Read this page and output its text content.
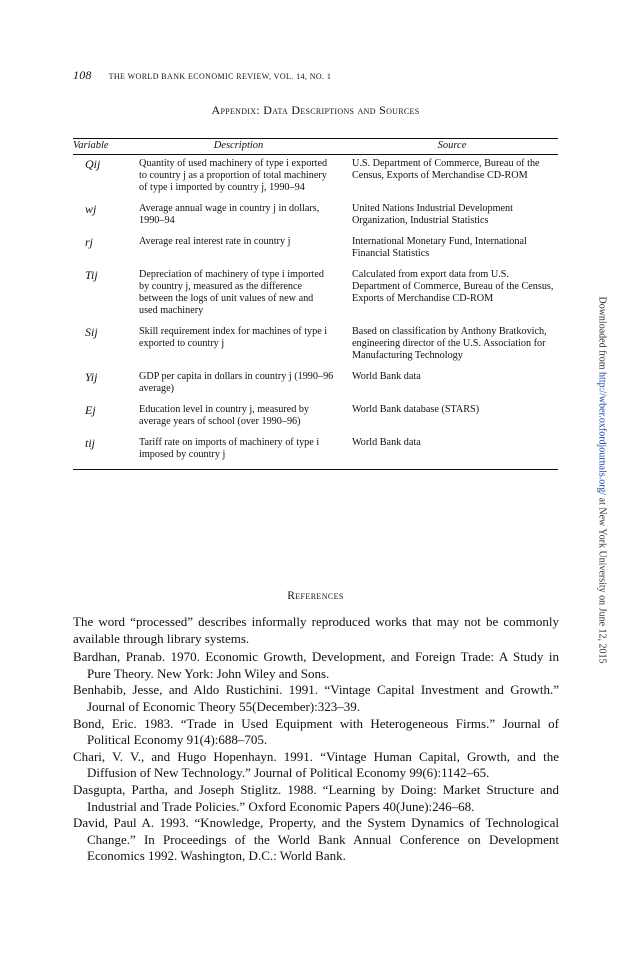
108 THE WORLD BANK ECONOMIC REVIEW, VOL. 14, NO. 1
Appendix: Data Descriptions and Sources
Variable	Description	Source
Qij	Quantity of used machinery of type i exported to country j as a proportion of total machinery of type i imported by country j, 1990–94	U.S. Department of Commerce, Bureau of the Census, Exports of Merchandise CD-ROM
wj	Average annual wage in country j in dollars, 1990–94	United Nations Industrial Development Organization, Industrial Statistics
rj	Average real interest rate in country j	International Monetary Fund, International Financial Statistics
Tij	Depreciation of machinery of type i imported by country j, measured as the difference between the logs of unit values of new and used machinery	Calculated from export data from U.S. Department of Commerce, Bureau of the Census, Exports of Merchandise CD-ROM
Sij	Skill requirement index for machines of type i exported to country j	Based on classification by Anthony Bratkovich, engineering director of the U.S. Association for Manufacturing Technology
Yij	GDP per capita in dollars in country j (1990–96 average)	World Bank data
Ej	Education level in country j, measured by average years of school (over 1990–96)	World Bank database (STARS)
tij	Tariff rate on imports of machinery of type i imposed by country j	World Bank data
References

The word “processed” describes informally reproduced works that may not be commonly available through library systems.

Bardhan, Pranab. 1970. Economic Growth, Development, and Foreign Trade: A Study in Pure Theory. New York: John Wiley and Sons.

Benhabib, Jesse, and Aldo Rustichini. 1991. “Vintage Capital Investment and Growth.” Journal of Economic Theory 55(December):323–39.

Bond, Eric. 1983. “Trade in Used Equipment with Heterogeneous Firms.” Journal of Political Economy 91(4):688–705.

Chari, V. V., and Hugo Hopenhayn. 1991. “Vintage Human Capital, Growth, and the Diffusion of New Technology.” Journal of Political Economy 99(6):1142–65.

Dasgupta, Partha, and Joseph Stiglitz. 1988. “Learning by Doing: Market Structure and Industrial and Trade Policies.” Oxford Economic Papers 40(June):246–68.

David, Paul A. 1993. “Knowledge, Property, and the System Dynamics of Technological Change.” In Proceedings of the World Bank Annual Conference on Development Economics 1992. Washington, D.C.: World Bank.

Downloaded from http://wber.oxfordjournals.org/ at New York University on June 12, 2015
